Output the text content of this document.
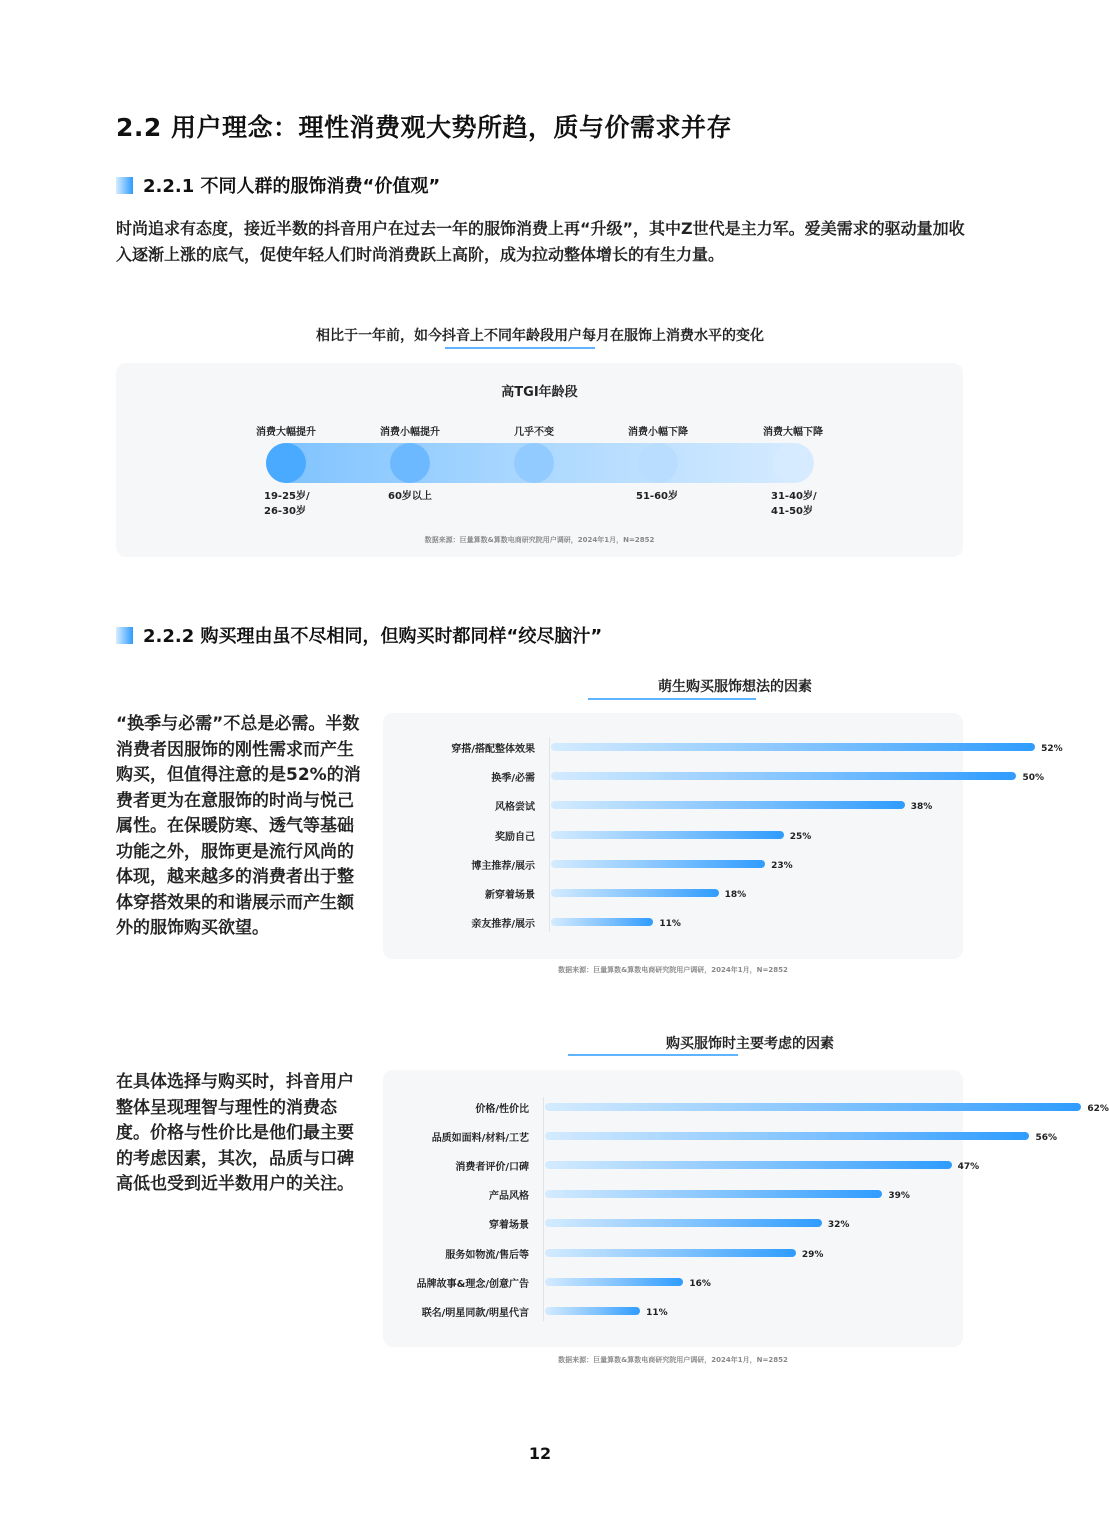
2.2 用户理念：理性消费观大势所趋，质与价需求并存
2.2.1 不同人群的服饰消费“价值观”
时尚追求有态度，接近半数的抖音用户在过去一年的服饰消费上再“升级”，其中Z世代是主力军。爱美需求的驱动量加收入逐渐上涨的底气，促使年轻人们时尚消费跃上高阶，成为拉动整体增长的有生力量。
相比于一年前，如今抖音上不同年龄段用户每月在服饰上消费水平的变化
高TGI年龄段
数据来源：巨量算数&算数电商研究院用户调研，2024年1月，N=2852
消费大幅提升
19-25岁/
26-30岁
消费小幅提升
60岁以上
几乎不变	消费小幅下降
51-60岁
消费大幅下降
31-40岁/
41-50岁
2.2.2 购买理由虽不尽相同，但购买时都同样“绞尽脑汁”
萌生购买服饰想法的因素
“换季与必需”不总是必需。半数消费者因服饰的刚性需求而产生购买，但值得注意的是52%的消费者更为在意服饰的时尚与悦己属性。在保暖防寒、透气等基础功能之外，服饰更是流行风尚的体现，越来越多的消费者出于整体穿搭效果的和谐展示而产生额外的服饰购买欲望。
穿搭/搭配整体效果	52%
换季/必需	50%
风格尝试	38%
奖励自己	25%
博主推荐/展示	23%
新穿着场景	18%
亲友推荐/展示	11%
数据来源：巨量算数&算数电商研究院用户调研，2024年1月，N=2852
购买服饰时主要考虑的因素
在具体选择与购买时，抖音用户整体呈现理智与理性的消费态度。价格与性价比是他们最主要的考虑因素，其次，品质与口碑高低也受到近半数用户的关注。
价格/性价比	62%
品质如面料/材料/工艺	56%
消费者评价/口碑	47%
产品风格	39%
穿着场景	32%
服务如物流/售后等	29%
品牌故事&理念/创意广告	16%
联名/明星同款/明星代言	11%
数据来源：巨量算数&算数电商研究院用户调研，2024年1月，N=2852
12
